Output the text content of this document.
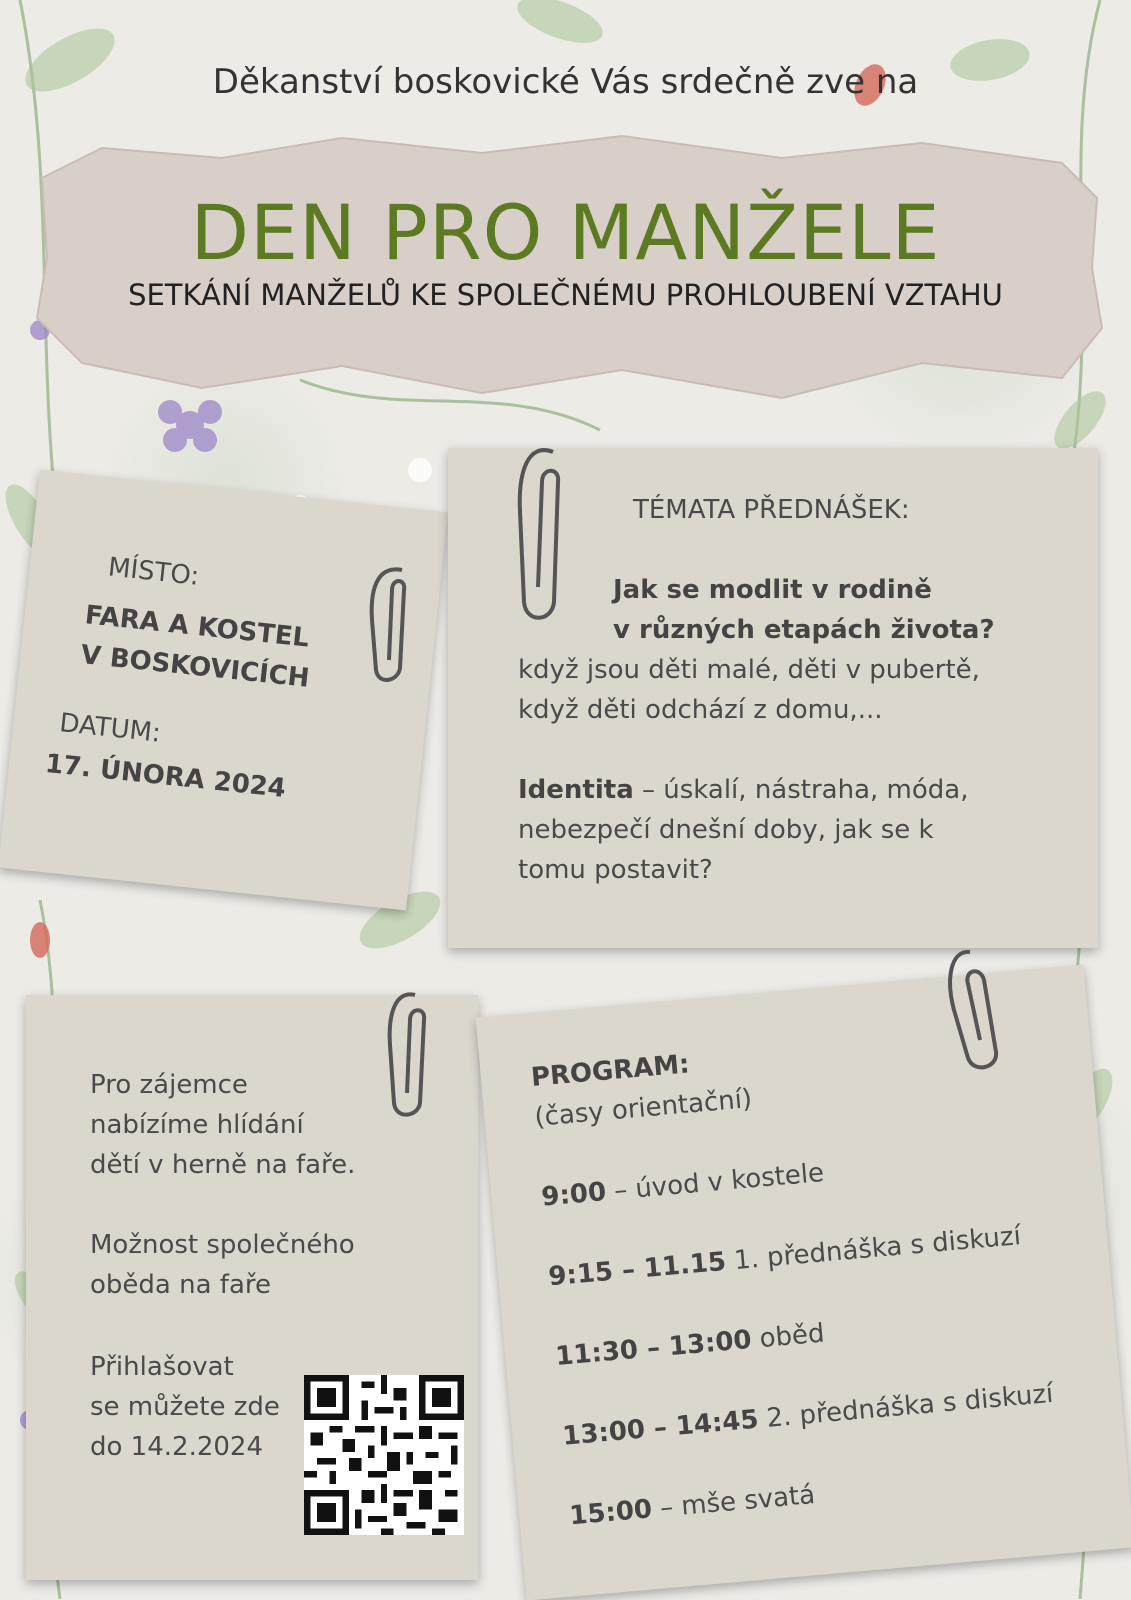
Děkanství boskovické Vás srdečně zve na
DEN PRO MANŽELE
SETKÁNÍ MANŽELŮ KE SPOLEČNÉMU PROHLOUBENÍ VZTAHU
MÍSTO:
FARA A KOSTEL
V BOSKOVICÍCH
DATUM:
17. ÚNORA 2024
TÉMATA PŘEDNÁŠEK:
Jak se modlit v rodině
v různých etapách života?
když jsou děti malé, děti v pubertě,
když děti odchází z domu,...
Identita – úskalí, nástraha, móda,
nebezpečí dnešní doby, jak se k
tomu postavit?
Pro zájemce
nabízíme hlídání
dětí v herně na faře.
Možnost společného
oběda na faře
Přihlašovat
se můžete zde
do 14.2.2024
PROGRAM:
(časy orientační)
9:00 – úvod v kostele
9:15 – 11.15 1. přednáška s diskuzí
11:30 – 13:00 oběd
13:00 – 14:45 2. přednáška s diskuzí
15:00 – mše svatá
